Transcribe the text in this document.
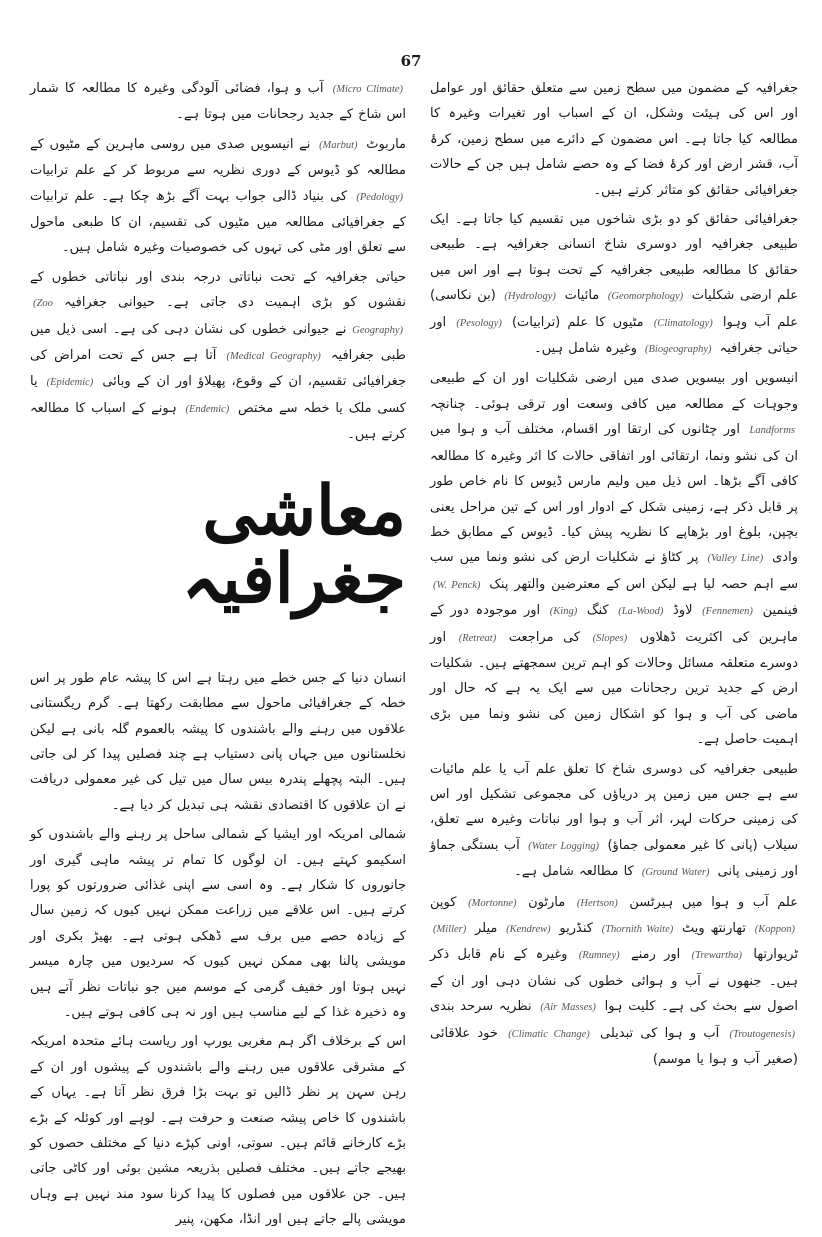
67

جغرافیہ کے مضمون میں سطح زمین سے متعلق حقائق اور عوامل اور اس کی ہیئت وشکل، ان کے اسباب اور تغیرات وغیرہ کا مطالعہ کیا جاتا ہے۔ اس مضمون کے دائرے میں سطح زمین، کرۂ آب، قشر ارض اور کرۂ فضا کے وہ حصے شامل ہیں جن کے حالات جغرافیائی حقائق کو متاثر کرتے ہیں۔

جغرافیائی حقائق کو دو بڑی شاخوں میں تقسیم کیا جاتا ہے۔ ایک طبیعی جغرافیہ اور دوسری شاخ انسانی جغرافیہ ہے۔ طبیعی حقائق کا مطالعہ طبیعی جغرافیہ کے تحت ہوتا ہے اور اس میں علم ارضی شکلیات (Geomorphology) مائیات (Hydrology) (بن نکاسی) علم آب وہوا (Climatology) مٹیوں کا علم (ترابیات) (Pesology) اور حیاتی جغرافیہ (Biogeography) وغیرہ شامل ہیں۔

انیسویں اور بیسویں صدی میں ارضی شکلیات اور ان کے طبیعی وجوہات کے مطالعہ میں کافی وسعت اور ترقی ہوئی۔ چنانچہ Landforms اور چٹانوں کی ارتقا اور اقسام، مختلف آب و ہوا میں ان کی نشو ونما، ارتقائی اور اتفاقی حالات کا اثر وغیرہ کا مطالعہ کافی آگے بڑھا۔ اس ذیل میں ولیم مارس ڈیوس کا نام خاص طور پر قابل ذکر ہے، زمینی شکل کے ادوار اور اس کے تین مراحل یعنی بچپن، بلوغ اور بڑھاپے کا نظریہ پیش کیا۔ ڈیوس کے مطابق خط وادی (Valley Line) پر کٹاؤ نے شکلیات ارض کی نشو ونما میں سب سے اہم حصہ لیا ہے لیکن اس کے معترضین والتھر پنک (W. Penck) فینمین (Fennemen) لاوڈ (La-Wood) کنگ (King) اور موجودہ دور کے ماہرین کی اکثریت ڈھلاوں (Slopes) کی مراجعت (Retreat) اور دوسرے متعلقہ مسائل وحالات کو اہم ترین سمجھتے ہیں۔ شکلیات ارض کے جدید ترین رجحانات میں سے ایک یہ ہے کہ حال اور ماضی کی آب و ہوا کو اشکال زمین کی نشو ونما میں بڑی اہمیت حاصل ہے۔

طبیعی جغرافیہ کی دوسری شاخ کا تعلق علم آب یا علم مائیات سے ہے جس میں زمین پر دریاؤں کی مجموعی تشکیل اور اس کی زمینی حرکات لہر، اثر آب و ہوا اور نباتات وغیرہ سے تعلق، سیلاب (پانی کا غیر معمولی جماؤ) (Water Logging) آب بستگی جماؤ اور زمینی پانی (Ground Water) کا مطالعہ شامل ہے۔

علم آب و ہوا میں ہیرٹسن (Hertson) مارٹون (Mortonne) کوپن (Koppon) تھارنتھ ویٹ (Thornith Waite) کنڈریو (Kendrew) میلر (Miller) ٹریوارتھا (Trewartha) اور رمنے (Rumney) وغیرہ کے نام قابل ذکر ہیں۔ جنھوں نے آب و ہوائی خطوں کی نشان دہی اور ان کے اصول سے بحث کی ہے۔ کلیت ہوا (Air Masses) نظریہ سرحد بندی (Troutogenesis) آب و ہوا کی تبدیلی (Climatic Change) خود علاقائی (صغیر آب و ہوا یا موسم)

(Micro Climate) آب و ہوا، فضائی آلودگی وغیرہ کا مطالعہ کا شمار اس شاخ کے جدید رجحانات میں ہوتا ہے۔

ماربوٹ (Marbut) نے انیسویں صدی میں روسی ماہرین کے مٹیوں کے مطالعہ کو ڈیوس کے دوری نظریہ سے مربوط کر کے علم ترابیات (Pedology) کی بنیاد ڈالی جواب بہت آگے بڑھ چکا ہے۔ علم ترابیات کے جغرافیائی مطالعہ میں مٹیوں کی تقسیم، ان کا طبعی ماحول سے تعلق اور مٹی کی تہوں کی خصوصیات وغیرہ شامل ہیں۔

حیاتی جغرافیہ کے تحت نباتاتی درجہ بندی اور نباتاتی خطوں کے نقشوں کو بڑی اہمیت دی جاتی ہے۔ حیوانی جغرافیہ (Zoo Geography) نے جیوانی خطوں کی نشان دہی کی ہے۔ اسی ذیل میں طبی جغرافیہ (Medical Geography) آتا ہے جس کے تحت امراض کی جغرافیائی تقسیم، ان کے وقوع، پھیلاؤ اور ان کے وبائی (Epidemic) یا کسی ملک یا خطہ سے مختص (Endemic) ہونے کے اسباب کا مطالعہ کرتے ہیں۔

معاشی جغرافیہ

انسان دنیا کے جس خطے میں رہتا ہے اس کا پیشہ عام طور پر اس خطہ کے جغرافیائی ماحول سے مطابقت رکھتا ہے۔ گرم ریگستانی علاقوں میں رہنے والے باشندوں کا پیشہ بالعموم گلہ بانی ہے لیکن نخلستانوں میں جہاں پانی دستیاب ہے چند فصلیں پیدا کر لی جاتی ہیں۔ البتہ پچھلے پندرہ بیس سال میں تیل کی غیر معمولی دریافت نے ان علاقوں کا اقتصادی نقشہ ہی تبدیل کر دیا ہے۔

شمالی امریکہ اور ایشیا کے شمالی ساحل پر رہنے والے باشندوں کو اسکیمو کہتے ہیں۔ ان لوگوں کا تمام تر پیشہ ماہی گیری اور جانوروں کا شکار ہے۔ وہ اسی سے اپنی غذائی ضرورتوں کو پورا کرتے ہیں۔ اس علاقے میں زراعت ممکن نہیں کیوں کہ زمین سال کے زیادہ حصے میں برف سے ڈھکی ہوتی ہے۔ بھیڑ بکری اور مویشی پالنا بھی ممکن نہیں کیوں کہ سردیوں میں چارہ میسر نہیں ہوتا اور خفیف گرمی کے موسم میں جو نباتات نظر آتے ہیں وہ ذخیرہ غذا کے لیے مناسب ہیں اور نہ ہی کافی ہوتے ہیں۔

اس کے برخلاف اگر ہم مغربی یورپ اور ریاست ہائے متحدہ امریکہ کے مشرقی علاقوں میں رہنے والے باشندوں کے پیشوں اور ان کے رہن سہن پر نظر ڈالیں تو بہت بڑا فرق نظر آتا ہے۔ یہاں کے باشندوں کا خاص پیشہ صنعت و حرفت ہے۔ لوہے اور کوئلہ کے بڑے بڑے کارخانے قائم ہیں۔ سوتی، اونی کپڑے دنیا کے مختلف حصوں کو بھیجے جاتے ہیں۔ مختلف فصلیں بذریعہ مشین بوئی اور کاٹی جاتی ہیں۔ جن علاقوں میں فصلوں کا پیدا کرنا سود مند نہیں ہے وہاں مویشی پالے جاتے ہیں اور انڈا، مکھن، پنیر
